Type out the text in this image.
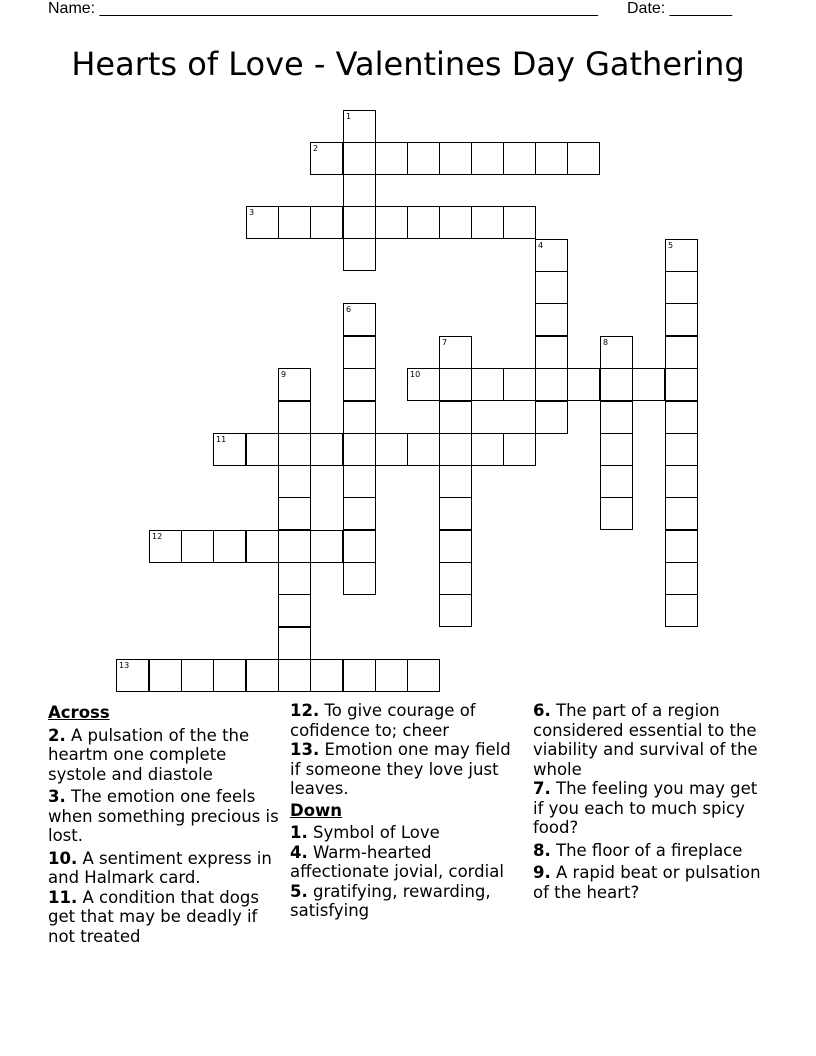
Name: ________________________________________________________ Date: _______
Hearts of Love - Valentines Day Gathering
1
2
3
4	5
6
7	8
9	10
11
12
13
Across
2. A pulsation of the the heartm one complete systole and diastole
3. The emotion one feels when something precious is lost.
10. A sentiment express in and Halmark card.
11. A condition that dogs get that may be deadly if not treated
12. To give courage of cofidence to; cheer
13. Emotion one may field if someone they love just leaves.
Down
1. Symbol of Love
4. Warm-hearted affectionate jovial, cordial
5. gratifying, rewarding, satisfying
6. The part of a region considered essential to the viability and survival of the whole
7. The feeling you may get if you each to much spicy food?
8. The floor of a fireplace
9. A rapid beat or pulsation of the heart?
